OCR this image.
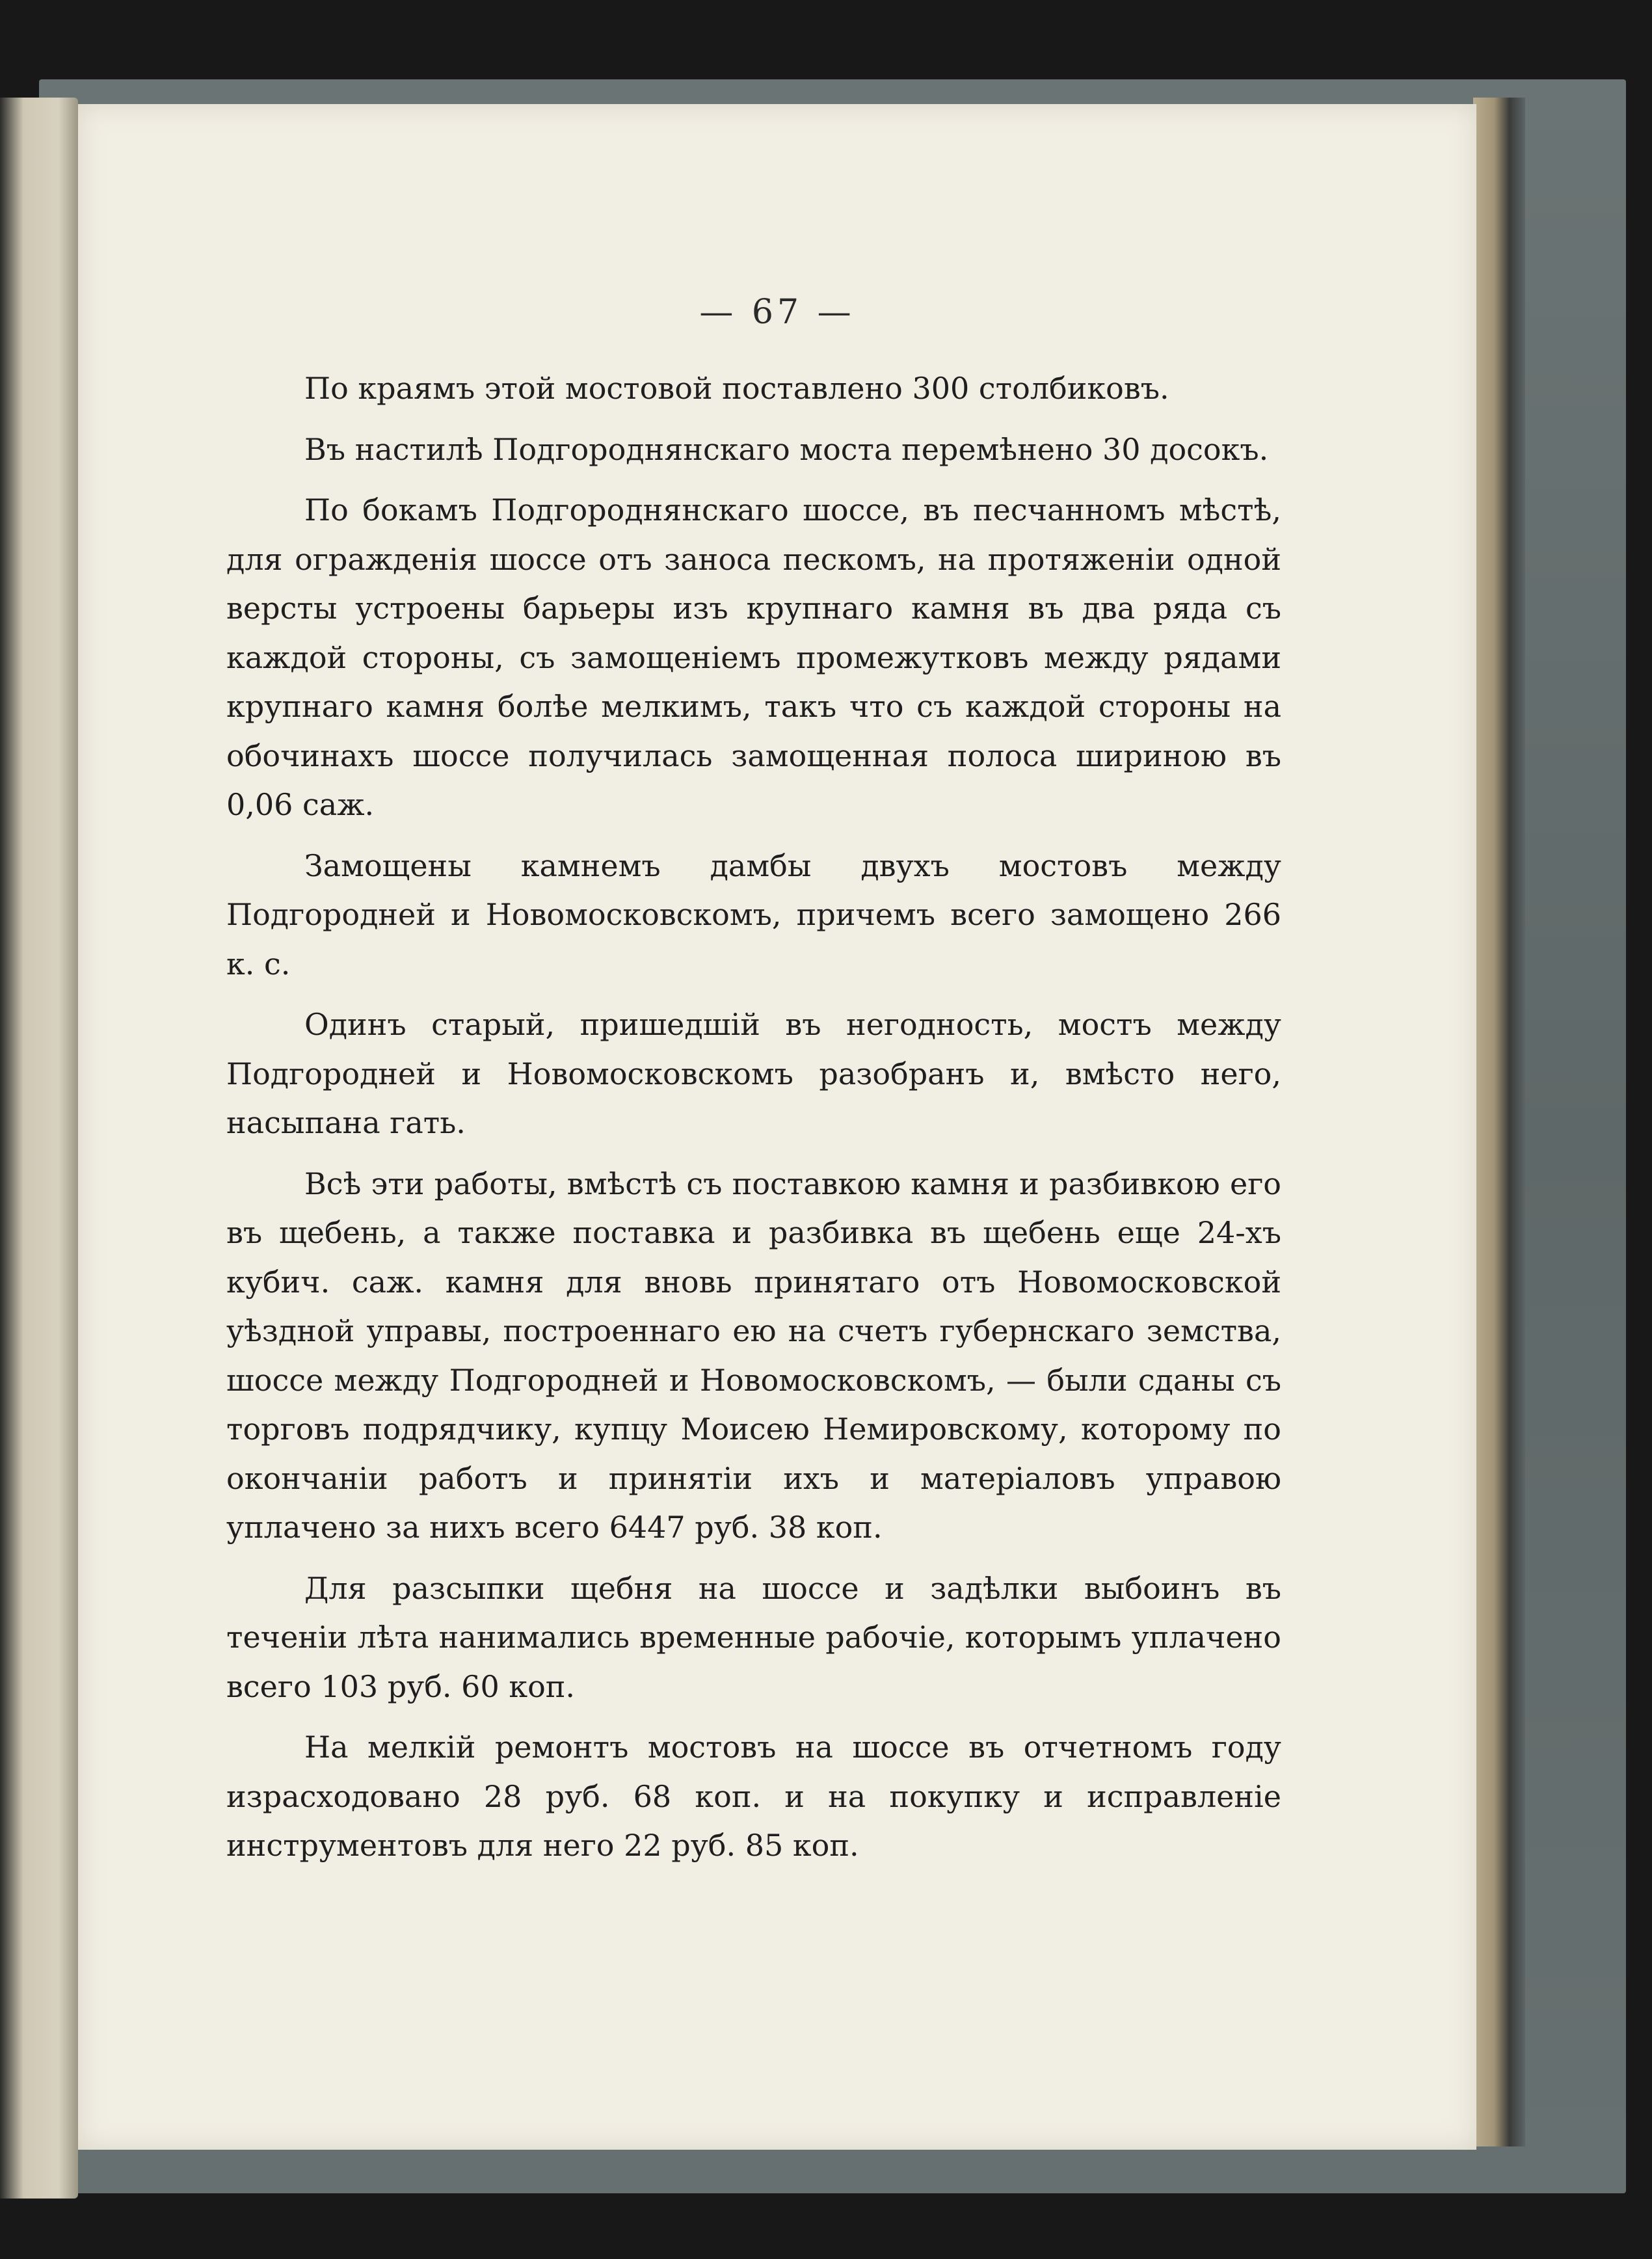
— 67 —

По краямъ этой мостовой поставлено 300 столбиковъ.

Въ настилѣ Подгороднянскаго моста перемѣнено 30 досокъ.

По бокамъ Подгороднянскаго шоссе, въ песчанномъ мѣстѣ, для огражденія шоссе отъ заноса пескомъ, на протяженіи одной версты устроены барьеры изъ крупнаго камня въ два ряда съ каждой стороны, съ замощеніемъ промежутковъ между рядами крупнаго камня болѣе мелкимъ, такъ что съ каждой стороны на обочинахъ шоссе получилась замощенная полоса шириною въ 0,06 саж.

Замощены камнемъ дамбы двухъ мостовъ между Подгородней и Новомосковскомъ, причемъ всего замощено 266 к. с.

Одинъ старый, пришедшій въ негодность, мостъ между Подгородней и Новомосковскомъ разобранъ и, вмѣсто него, насыпана гать.

Всѣ эти работы, вмѣстѣ съ поставкою камня и разбивкою его въ щебень, а также поставка и разбивка въ щебень еще 24-хъ кубич. саж. камня для вновь принятаго отъ Новомосковской уѣздной управы, построеннаго ею на счетъ губернскаго земства, шоссе между Подгородней и Новомосковскомъ, — были сданы съ торговъ подрядчику, купцу Моисею Немировскому, которому по окончаніи работъ и принятіи ихъ и матеріаловъ управою уплачено за нихъ всего 6447 руб. 38 коп.

Для разсыпки щебня на шоссе и задѣлки выбоинъ въ теченіи лѣта нанимались временные рабочіе, которымъ уплачено всего 103 руб. 60 коп.

На мелкій ремонтъ мостовъ на шоссе въ отчетномъ году израсходовано 28 руб. 68 коп. и на покупку и исправленіе инструментовъ для него 22 руб. 85 коп.
